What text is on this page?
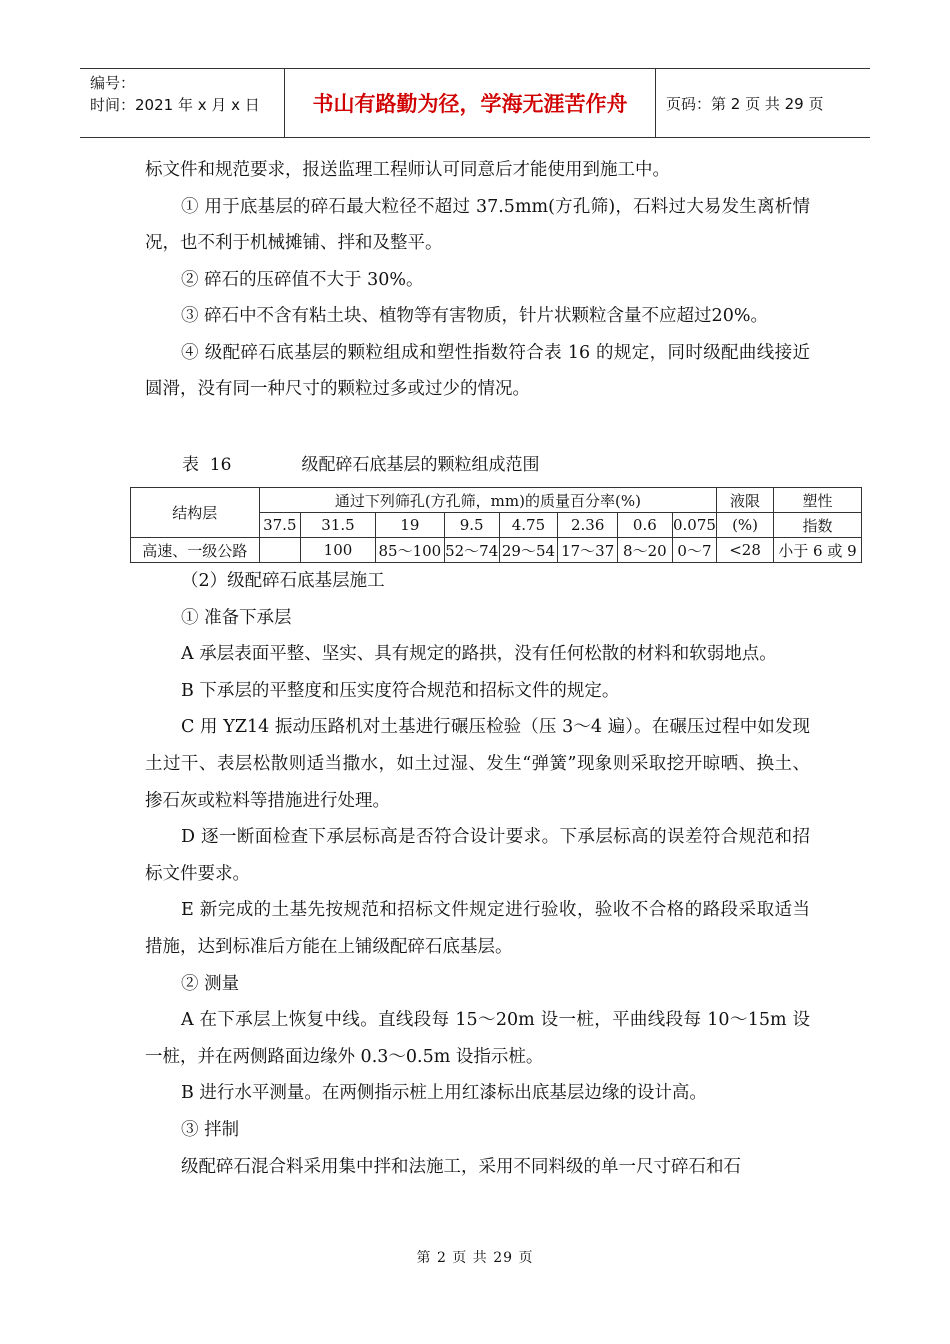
编号：
时间：2021 年 x 月 x 日	书山有路勤为径，学海无涯苦作舟	页码：第 2 页 共 29 页

标文件和规范要求，报送监理工程师认可同意后才能使用到施工中。

① 用于底基层的碎石最大粒径不超过 37.5mm(方孔筛)，石料过大易发生离析情况，也不利于机械摊铺、拌和及整平。

② 碎石的压碎值不大于 30%。

③ 碎石中不含有粘土块、植物等有害物质，针片状颗粒含量不应超过20%。

④ 级配碎石底基层的颗粒组成和塑性指数符合表 16 的规定，同时级配曲线接近圆滑，没有同一种尺寸的颗粒过多或过少的情况。

表  16	级配碎石底基层的颗粒组成范围
结构层	通过下列筛孔(方孔筛，mm)的质量百分率(%)								液限	塑性
	37.5	31.5	19	9.5	4.75	2.36	0.6	0.075	(%)	指数
高速、一级公路		100	85～100	52～74	29～54	17～37	8～20	0～7	<28	小于 6 或 9

（2）级配碎石底基层施工

① 准备下承层

A 承层表面平整、坚实、具有规定的路拱，没有任何松散的材料和软弱地点。

B 下承层的平整度和压实度符合规范和招标文件的规定。

C 用 YZ14 振动压路机对土基进行碾压检验（压 3～4 遍）。在碾压过程中如发现土过干、表层松散则适当撒水，如土过湿、发生“弹簧”现象则采取挖开晾晒、换土、掺石灰或粒料等措施进行处理。

D 逐一断面检查下承层标高是否符合设计要求。下承层标高的误差符合规范和招标文件要求。

E 新完成的土基先按规范和招标文件规定进行验收，验收不合格的路段采取适当措施，达到标准后方能在上铺级配碎石底基层。

② 测量

A 在下承层上恢复中线。直线段每 15～20m 设一桩，平曲线段每 10～15m 设一桩，并在两侧路面边缘外 0.3～0.5m 设指示桩。

B 进行水平测量。在两侧指示桩上用红漆标出底基层边缘的设计高。

③ 拌制

级配碎石混合料采用集中拌和法施工，采用不同料级的单一尺寸碎石和石

第 2 页 共 29 页
